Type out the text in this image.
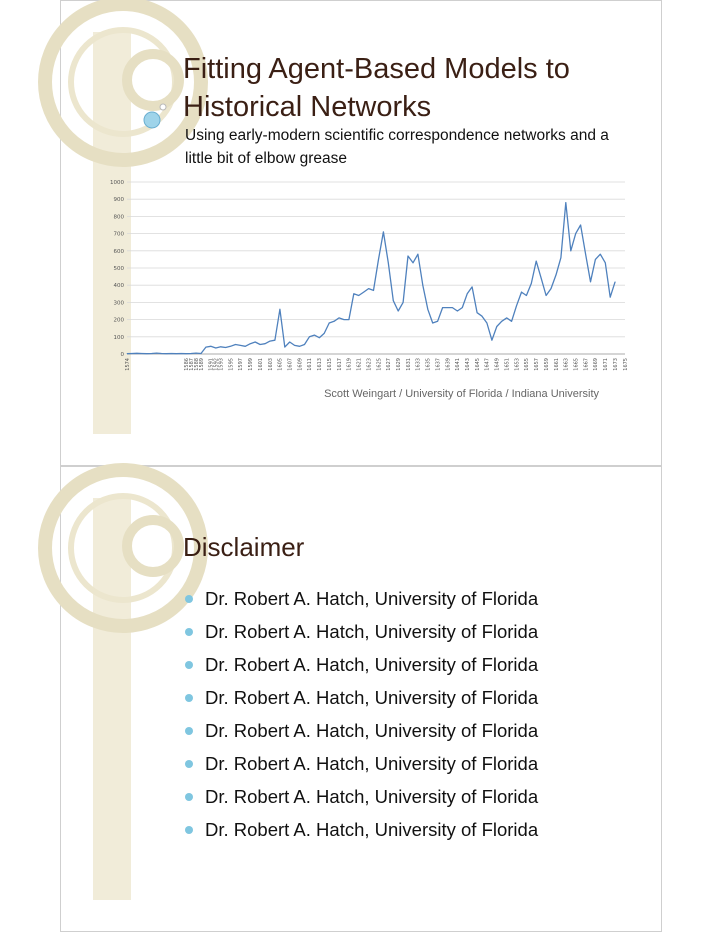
Fitting Agent-Based Models to Historical Networks

Using early-modern scientific correspondence networks and a little bit of elbow grease

0
100
200
300
400
500
600
700
800
900
1000
1574	1586
1587
1588
1589 1591
1592
1593 1595 1597 1599 1601 1603 1605 1607 1609 1611 1613 1615 1617 1619 1621 1623 1625 1627 1629 1631 1633 1635 1637 1639 1641 1643 1645 1647 1649 1651 1653 1655 1657 1659 1661 1663 1665 1667 1669 1671 1673 1675
Scott Weingart / University of Florida / Indiana University
Disclaimer
Dr. Robert A. Hatch, University of Florida
Dr. Robert A. Hatch, University of Florida
Dr. Robert A. Hatch, University of Florida
Dr. Robert A. Hatch, University of Florida
Dr. Robert A. Hatch, University of Florida
Dr. Robert A. Hatch, University of Florida
Dr. Robert A. Hatch, University of Florida
Dr. Robert A. Hatch, University of Florida
